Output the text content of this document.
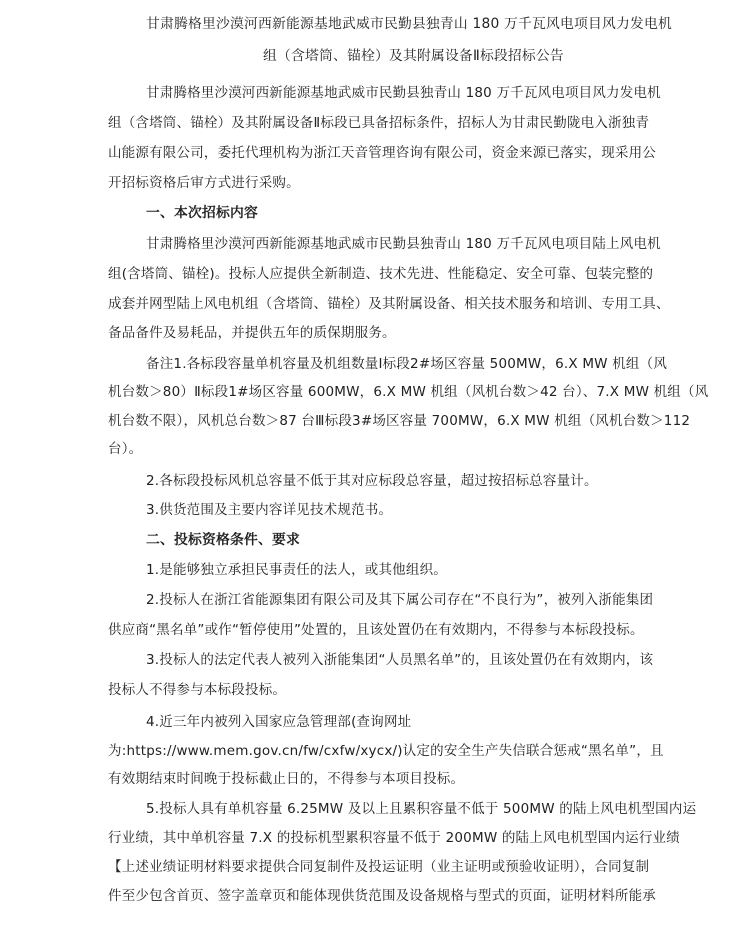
甘肃腾格里沙漠河西新能源基地武威市民勤县独青山 180 万千瓦风电项目风力发电机
组（含塔筒、锚栓）及其附属设备Ⅱ标段招标公告
甘肃腾格里沙漠河西新能源基地武威市民勤县独青山 180 万千瓦风电项目风力发电机
组（含塔筒、锚栓）及其附属设备Ⅱ标段已具备招标条件，招标人为甘肃民勤陇电入浙独青
山能源有限公司，委托代理机构为浙江天音管理咨询有限公司，资金来源已落实，现采用公
开招标资格后审方式进行采购。
一、本次招标内容
甘肃腾格里沙漠河西新能源基地武威市民勤县独青山 180 万千瓦风电项目陆上风电机
组(含塔筒、锚栓)。投标人应提供全新制造、技术先进、性能稳定、安全可靠、包装完整的
成套并网型陆上风电机组（含塔筒、锚栓）及其附属设备、相关技术服务和培训、专用工具、
备品备件及易耗品，并提供五年的质保期服务。
备注1.各标段容量单机容量及机组数量Ⅰ标段2#场区容量 500MW，6.X MW 机组（风
机台数＞80）Ⅱ标段1#场区容量 600MW，6.X MW 机组（风机台数＞42 台）、7.X MW 机组（风
机台数不限），风机总台数＞87 台Ⅲ标段3#场区容量 700MW，6.X MW 机组（风机台数＞112
台）。
2.各标段投标风机总容量不低于其对应标段总容量，超过按招标总容量计。
3.供货范围及主要内容详见技术规范书。
二、投标资格条件、要求
1.是能够独立承担民事责任的法人，或其他组织。
2.投标人在浙江省能源集团有限公司及其下属公司存在“不良行为”，被列入浙能集团
供应商“黑名单”或作“暂停使用”处置的，且该处置仍在有效期内，不得参与本标段投标。
3.投标人的法定代表人被列入浙能集团“人员黑名单”的，且该处置仍在有效期内，该
投标人不得参与本标段投标。
4.近三年内被列入国家应急管理部(查询网址
为:https://www.mem.gov.cn/fw/cxfw/xycx/)认定的安全生产失信联合惩戒“黑名单”，且
有效期结束时间晚于投标截止日的，不得参与本项目投标。
5.投标人具有单机容量 6.25MW 及以上且累积容量不低于 500MW 的陆上风电机型国内运
行业绩，其中单机容量 7.X 的投标机型累积容量不低于 200MW 的陆上风电机型国内运行业绩
【上述业绩证明材料要求提供合同复制件及投运证明（业主证明或预验收证明），合同复制
件至少包含首页、签字盖章页和能体现供货范围及设备规格与型式的页面，证明材料所能承
